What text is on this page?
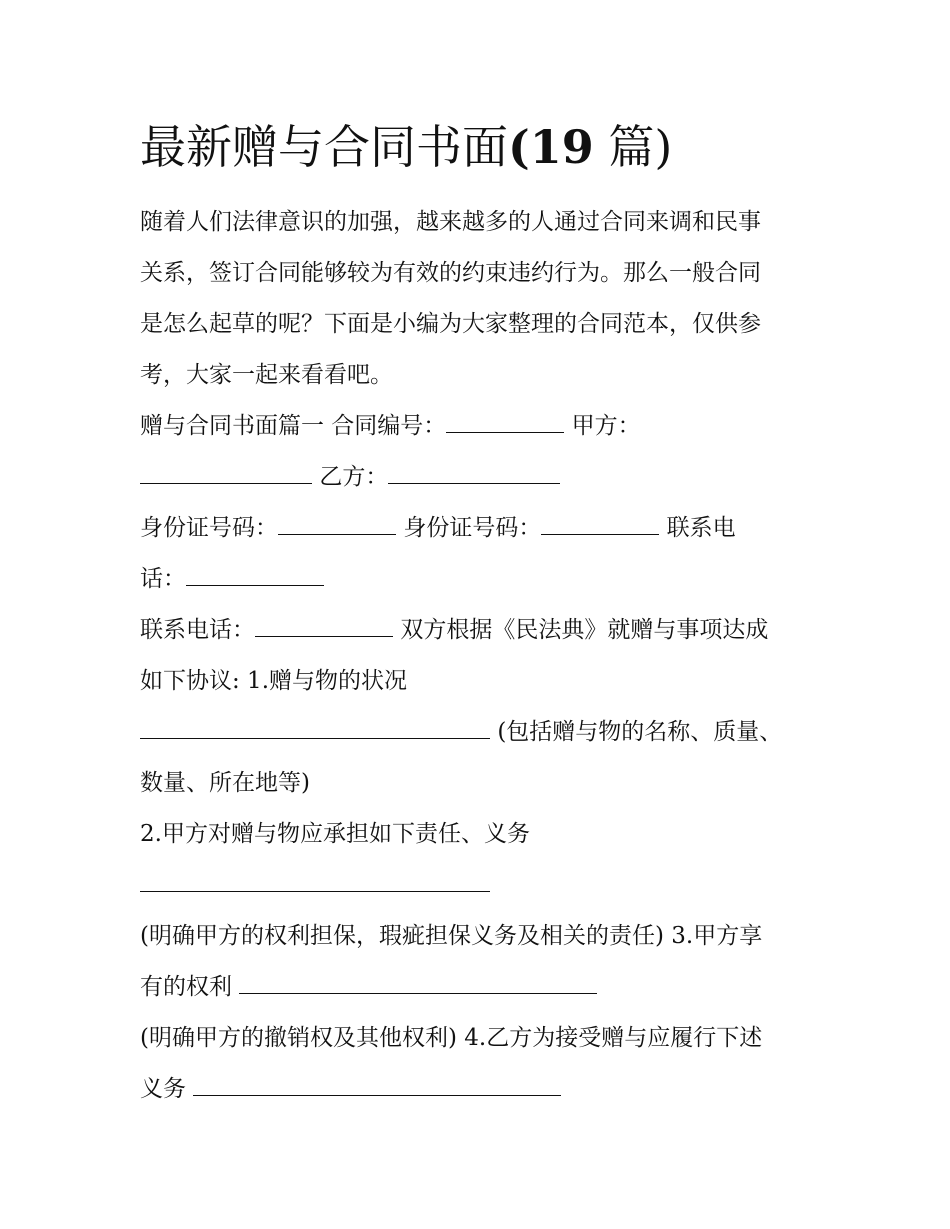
最新赠与合同书面(19 篇)
随着人们法律意识的加强，越来越多的人通过合同来调和民事
关系，签订合同能够较为有效的约束违约行为。那么一般合同
是怎么起草的呢？下面是小编为大家整理的合同范本，仅供参
考，大家一起来看看吧。
赠与合同书面篇一 合同编号：	甲方：
乙方：
身份证号码：	身份证号码：	联系电
话：
联系电话：	双方根据《民法典》就赠与事项达成
如下协议: 1.赠与物的状况
(包括赠与物的名称、质量、
数量、所在地等)
2.甲方对赠与物应承担如下责任、义务
(明确甲方的权利担保，瑕疵担保义务及相关的责任) 3.甲方享
有的权利
(明确甲方的撤销权及其他权利) 4.乙方为接受赠与应履行下述
义务
